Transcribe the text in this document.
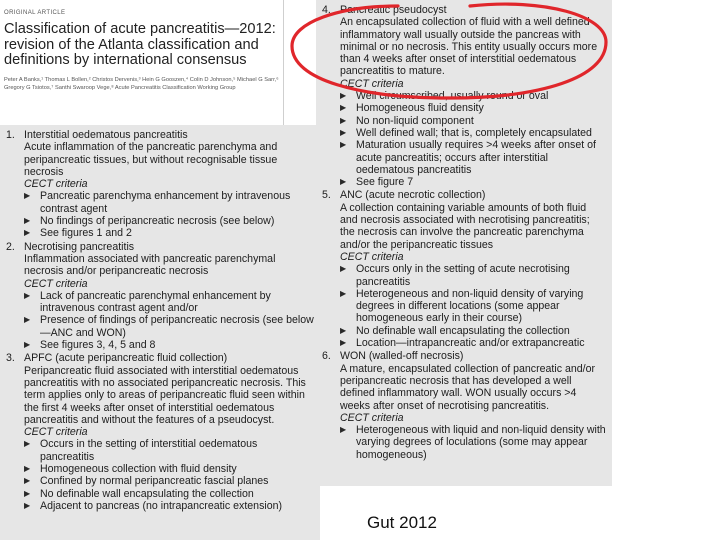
ORIGINAL ARTICLE
Classification of acute pancreatitis—2012: revision of the Atlanta classification and definitions by international consensus
Peter A Banks,¹ Thomas L Bollen,² Christos Dervenis,³ Hein G Gooszen,⁴ Colin D Johnson,⁵ Michael G Sarr,⁶ Gregory G Tsiotos,⁷ Santhi Swaroop Vege,⁸ Acute Pancreatitis Classification Working Group
1. Interstitial oedematous pancreatitis
Acute inflammation of the pancreatic parenchyma and peripancreatic tissues, but without recognisable tissue necrosis
CECT criteria
▶ Pancreatic parenchyma enhancement by intravenous contrast agent
▶ No findings of peripancreatic necrosis (see below)
▶ See figures 1 and 2
2. Necrotising pancreatitis
Inflammation associated with pancreatic parenchymal necrosis and/or peripancreatic necrosis
CECT criteria
▶ Lack of pancreatic parenchymal enhancement by intravenous contrast agent and/or
▶ Presence of findings of peripancreatic necrosis (see below—ANC and WON)
▶ See figures 3, 4, 5 and 8
3. APFC (acute peripancreatic fluid collection)
Peripancreatic fluid associated with interstitial oedematous pancreatitis with no associated peripancreatic necrosis. This term applies only to areas of peripancreatic fluid seen within the first 4 weeks after onset of interstitial oedematous pancreatitis and without the features of a pseudocyst.
CECT criteria
▶ Occurs in the setting of interstitial oedematous pancreatitis
▶ Homogeneous collection with fluid density
▶ Confined by normal peripancreatic fascial planes
▶ No definable wall encapsulating the collection
▶ Adjacent to pancreas (no intrapancreatic extension)
4. Pancreatic pseudocyst
An encapsulated collection of fluid with a well defined inflammatory wall usually outside the pancreas with minimal or no necrosis. This entity usually occurs more than 4 weeks after onset of interstitial oedematous pancreatitis to mature.
CECT criteria
▶ Well circumscribed, usually round or oval
▶ Homogeneous fluid density
▶ No non-liquid component
▶ Well defined wall; that is, completely encapsulated
▶ Maturation usually requires >4 weeks after onset of acute pancreatitis; occurs after interstitial oedematous pancreatitis
▶ See figure 7
5. ANC (acute necrotic collection)
A collection containing variable amounts of both fluid and necrosis associated with necrotising pancreatitis; the necrosis can involve the pancreatic parenchyma and/or the peripancreatic tissues
CECT criteria
▶ Occurs only in the setting of acute necrotising pancreatitis
▶ Heterogeneous and non-liquid density of varying degrees in different locations (some appear homogeneous early in their course)
▶ No definable wall encapsulating the collection
▶ Location—intrapancreatic and/or extrapancreatic
6. WON (walled-off necrosis)
A mature, encapsulated collection of pancreatic and/or peripancreatic necrosis that has developed a well defined inflammatory wall. WON usually occurs >4 weeks after onset of necrotising pancreatitis.
CECT criteria
▶ Heterogeneous with liquid and non-liquid density with varying degrees of loculations (some may appear homogeneous)
Gut 2012
